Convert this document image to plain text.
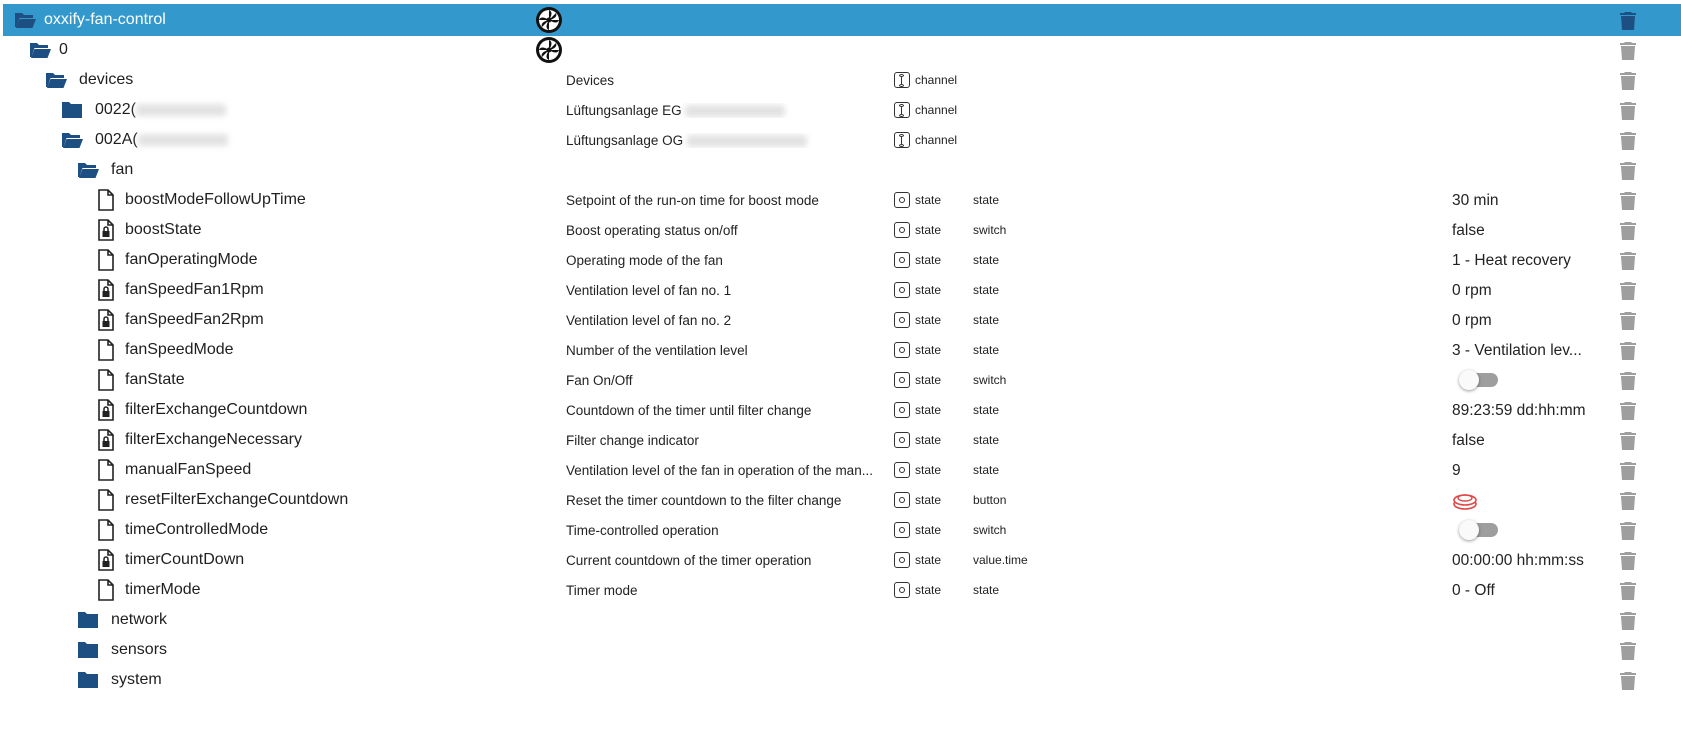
oxxify-fan-control
0
devices	Devices	channel
0022(	Lüftungsanlage EG	channel
002A(	Lüftungsanlage OG	channel
fan
boostModeFollowUpTime	Setpoint of the run-on time for boost mode	state	state	30 min
boostState	Boost operating status on/off	state	switch	false
fanOperatingMode	Operating mode of the fan	state	state	1 - Heat recovery
fanSpeedFan1Rpm	Ventilation level of fan no. 1	state	state	0 rpm
fanSpeedFan2Rpm	Ventilation level of fan no. 2	state	state	0 rpm
fanSpeedMode	Number of the ventilation level	state	state	3 - Ventilation lev...
fanState	Fan On/Off	state	switch
filterExchangeCountdown	Countdown of the timer until filter change	state	state	89:23:59 dd:hh:mm
filterExchangeNecessary	Filter change indicator	state	state	false
manualFanSpeed	Ventilation level of the fan in operation of the man...	state	state	9
resetFilterExchangeCountdown	Reset the timer countdown to the filter change	state	button
timeControlledMode	Time-controlled operation	state	switch
timerCountDown	Current countdown of the timer operation	state	value.time	00:00:00 hh:mm:ss
timerMode	Timer mode	state	state	0 - Off
network
sensors
system
